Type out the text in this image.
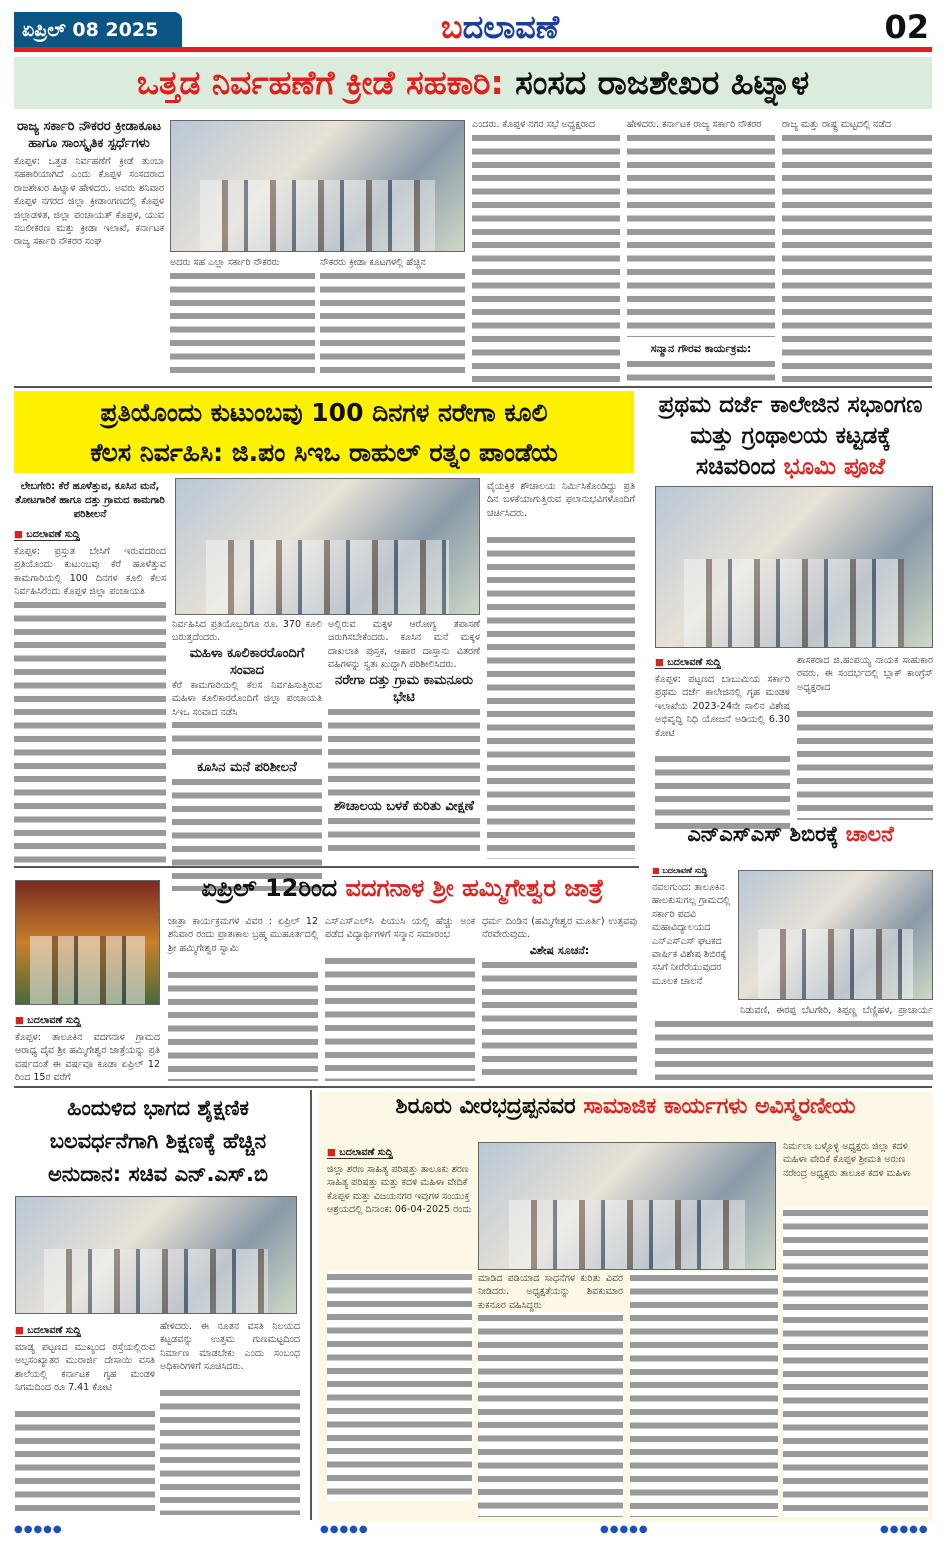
ಏಪ್ರಿಲ್ 08 2025	ಬದಲಾವಣೆ	02
ಒತ್ತಡ ನಿರ್ವಹಣೆಗೆ ಕ್ರೀಡೆ ಸಹಕಾರಿ: ಸಂಸದ ರಾಜಶೇಖರ ಹಿಟ್ನಾಳ
ರಾಜ್ಯ ಸರ್ಕಾರಿ ನೌಕರರ ಕ್ರೀಡಾಕೂಟ ಹಾಗೂ ಸಾಂಸ್ಕೃತಿಕ ಸ್ಪರ್ಧೆಗಳು
ಕೊಪ್ಪಳ: ಒತ್ತಡ ನಿರ್ವಹಣೆಗೆ ಕ್ರೀಡೆ ತುಂಬಾ ಸಹಕಾರಿಯಾಗಿದೆ ಎಂದು ಕೊಪ್ಪಳ ಸಂಸದರಾದ ರಾಜಶೇಖರ ಹಿಟ್ನಾಳ ಹೇಳಿದರು. ಅವರು ಶನಿವಾರ ಕೊಪ್ಪಳ ನಗರದ ಜಿಲ್ಲಾ ಕ್ರೀಡಾಂಗಣದಲ್ಲಿ ಕೊಪ್ಪಳ ಜಿಲ್ಲಾಡಳಿತ, ಜಿಲ್ಲಾ ಪಂಚಾಯತ್ ಕೊಪ್ಪಳ, ಯುವ ಸಬಲೀಕರಣ ಮತ್ತು ಕ್ರೀಡಾ ಇಲಾಖೆ, ಕರ್ನಾಟಕ ರಾಜ್ಯ ಸರ್ಕಾರಿ ನೌಕರರ ಸಂಘ
ಅದರು ಸಹ ಎಲ್ಲಾ ಸರ್ಕಾರಿ ನೌಕರರು	ನೌಕರರು ಕ್ರೀಡಾ ಕೂಟಗಳಲ್ಲಿ ಹೆಚ್ಚಿನ
ಎಂದರು. ಕೊಪ್ಪಳ ನಗರ ಸಭೆ ಅಧ್ಯಕ್ಷರಾದ	ಹೇಳಿದರು. ಕರ್ನಾಟಕ ರಾಜ್ಯ ಸರ್ಕಾರಿ ನೌಕರರ
ಸನ್ಮಾನ ಗೌರವ ಕಾರ್ಯಕ್ರಮ:
ರಾಜ್ಯ ಮತ್ತು ರಾಷ್ಟ್ರ ಮಟ್ಟದಲ್ಲಿ ನಡೆದ
ಪ್ರತಿಯೊಂದು ಕುಟುಂಬವು 100 ದಿನಗಳ ನರೇಗಾ ಕೂಲಿ
ಕೆಲಸ ನಿರ್ವಹಿಸಿ: ಜಿ.ಪಂ ಸಿಇಒ ರಾಹುಲ್ ರತ್ನಂ ಪಾಂಡೆಯ
ಲೇಬಗೇರಿ: ಕೆರೆ ಹೂಳೆತ್ತುವ, ಕೂಸಿನ ಮನೆ, ತೋಟಗಾರಿಕೆ ಹಾಗೂ ದತ್ತು ಗ್ರಾಮದ ಕಾಮಗಾರಿ ಪರಿಶೀಲನೆ
■ ಬದಲಾವಣೆ ಸುದ್ದಿ
ಕೊಪ್ಪಳ: ಪ್ರಸ್ತುತ ಬೇಸಿಗೆ ಇರುವದರಿಂದ ಪ್ರತಿಯೊಂದು ಕುಟುಂಬವು ಕೆರೆ ಹೂಳೆತ್ತುವ ಕಾಮಗಾರಿಯಲ್ಲಿ 100 ದಿನಗಳ ಕೂಲಿ ಕೆಲಸ ನಿರ್ವಹಿಸಿರೆಂದು ಕೊಪ್ಪಳ ಜಿಲ್ಲಾ ಪಂಚಾಯತಿ
ನಿರ್ವಹಿಸಿದ ಪ್ರತಿಯೊಬ್ಬರಿಗೂ ರೂ. 370 ಕೂಲಿ ಬರುತ್ತದೆಂದರು.
ಮಹಿಳಾ ಕೂಲಿಕಾರರೊಂದಿಗೆ ಸಂವಾದ
ಕೆರೆ ಕಾಮಗಾರಿಯಲ್ಲಿ ಕೆಲಸ ನಿರ್ವಹಿಸುತ್ತಿರುವ ಮಹಿಳಾ ಕೂಲಿಕಾರರೊಂದಿಗೆ ಜಿಲ್ಲಾ ಪಂಚಾಯತಿ ಸಿಇಒ ಸಂವಾದ ನಡೆಸಿ
ಕೂಸಿನ ಮನೆ ಪರಿಶೀಲನೆ
ಅಲ್ಲಿರುವ ಮಕ್ಕಳ ಆರೋಗ್ಯ ತಪಾಸಣೆ ಜರುಗಿಸಬೇಕೆಂದರು. ಕೂಸಿನ ಮನೆ ಮಕ್ಕಳ ದಾಖಲಾತಿ ಪುಸ್ತಕ, ಆಹಾರ ದಾಸ್ತಾನು ವಿತರಣೆ ವಹಿಗಳನ್ನು ಸ್ವತಃ ಖುದ್ದಾಗಿ ಪರಿಶೀಲಿಸಿದರು.
ನರೇಗಾ ದತ್ತು ಗ್ರಾಮ ಕಾಮನೂರು ಭೇಟಿ
ಶೌಚಾಲಯ ಬಳಕೆ ಕುರಿತು ವೀಕ್ಷಣೆ
ವೈಯಕ್ತಿಕ ಶೌಚಾಲಯ ನಿರ್ಮಿಸಿಕೊಂಡಿದ್ದು ಪ್ರತಿ ದಿನ ಬಳಕೆಯಾಗುತ್ತಿರುವ ಫಲಾನುಭವಿಗಳೊಂದಿಗೆ ಚರ್ಚಿಸಿದರು.
ಪ್ರಥಮ ದರ್ಜೆ ಕಾಲೇಜಿನ ಸಭಾಂಗಣ
ಮತ್ತು ಗ್ರಂಥಾಲಯ ಕಟ್ಟಡಕ್ಕೆ
ಸಚಿವರಿಂದ ಭೂಮಿ ಪೂಜೆ
■ ಬದಲಾವಣೆ ಸುದ್ದಿ
ಕೊಪ್ಪಳ: ಪಟ್ಟಣದ ಬಾಬುಮಿಯ ಸರ್ಕಾರಿ ಪ್ರಥಮ ದರ್ಜೆ ಕಾಲೇಜಿನಲ್ಲಿ ಗೃಹ ಮಂಡಳಿ ಇಲಾಖೆಯ 2023-24ನೇ ಸಾಲಿನ ವಿಶೇಷ ಅಭಿವೃದ್ಧಿ ನಿಧಿ ಯೋಜನೆ ಅಡಿಯಲ್ಲಿ 6.30 ಕೋಟಿ
ಶಾಸಕರಾದ ಜಿ.ಹಂಪಯ್ಯ ನಾಯಕ ಸಾಹುಕಾರ ರವರು. ಈ ಸಂದರ್ಭದಲ್ಲಿ ಬ್ಲಾಕ್ ಕಾಂಗ್ರೆಸ್ ಅಧ್ಯಕ್ಷರಾದ
ಎನ್‌ಎಸ್‌ಎಸ್ ಶಿಬಿರಕ್ಕೆ ಚಾಲನೆ
■ ಬದಲಾವಣೆ ಸುದ್ದಿ
ನವಲಗುಂದ: ತಾಲೂಕಿನ ಹಾಲಕುಸುಗಲ್ಲ ಗ್ರಾಮದಲ್ಲಿ ಸರ್ಕಾರಿ ಪದವಿ ಮಹಾವಿದ್ಯಾಲಯದ ಎನ್‌ಎಸ್‌ಎಸ್ ಘಟಕದ ವಾರ್ಷಿಕ ವಿಶೇಷ ಶಿಬಿರಕ್ಕೆ ಸಸಿಗೆ ನೀರೆರೆಯುವುದರ ಮೂಲಕ ಚಾಲನೆ
ನಿಡುವಣಿ, ಈರಪ್ಪ ಬೆಟಗೇರಿ, ತಿಪ್ಪಣ್ಣ ಬೆಣ್ಣಿಹಳ, ಪ್ರಾಚಾರ್ಯ
ಏಪ್ರಿಲ್ 12ರಿಂದ ವದಗನಾಳ ಶ್ರೀ ಹಮ್ಮಿಗೇಶ್ವರ ಜಾತ್ರೆ
■ ಬದಲಾವಣೆ ಸುದ್ದಿ
ಕೊಪ್ಪಳ: ತಾಲೂಕಿನ ವದಗನಾಳ ಗ್ರಾಮದ ಆರಾಧ್ಯ ದೈವ ಶ್ರೀ ಹಮ್ಮಿಗೇಶ್ವರ ಜಾತ್ರೆಯನ್ನು ಪ್ರತಿ ವರ್ಷದಂತೆ ಈ ವರ್ಷವೂ ಕೂಡಾ ಏಪ್ರಿಲ್ 12 ರಿಂದ 15ರ ವರೆಗೆ
ಜಾತ್ರಾ ಕಾರ್ಯಕ್ರಮಗಳ ವಿವರ : ಏಪ್ರಿಲ್ 12 ಶನಿವಾರ ರಂದು ಪ್ರಾತಃಕಾಲ ಬ್ರಹ್ಮ ಮುಹೂರ್ತದಲ್ಲಿ ಶ್ರೀ ಹಮ್ಮಿಗೇಶ್ವರ ಸ್ವಾಮಿ
ಎಸ್‌ಎಸ್‌ಎಲ್‌ಸಿ ಪಿಯುಸಿ ಯಲ್ಲಿ ಹೆಚ್ಚು ಅಂಕ ಪಡೆದ ವಿದ್ಯಾರ್ಥಿಗಳಿಗೆ ಸನ್ಮಾನ ಸಮಾರಂಭ
ಧರ್ಮ ದಿಂಡಿನ (ಹಮ್ಮಿಗೇಶ್ವರ ಮೂರ್ತಿ) ಉತ್ಸವವು ನೆರವೇರುವುದು.
ವಿಶೇಷ ಸೂಚನೆ:
ಹಿಂದುಳಿದ ಭಾಗದ ಶೈಕ್ಷಣಿಕ
ಬಲವರ್ಧನೆಗಾಗಿ ಶಿಕ್ಷಣಕ್ಕೆ ಹೆಚ್ಚಿನ
ಅನುದಾನ: ಸಚಿವ ಎನ್.ಎಸ್.ಬಿ
■ ಬದಲಾವಣೆ ಸುದ್ದಿ
ಮಾಡ್ಯ ಪಟ್ಟಣದ ಮುಖ್ಯಂದ ರಸ್ತೆಯಲ್ಲಿರುವ ಅಲ್ಪಸಂಖ್ಯಾತರ ಮುರಾರ್ಜಿ ದೇಸಾಯಿ ವಸತಿ ಶಾಲೆಯಲ್ಲಿ ಕರ್ನಾಟಕ ಗೃಹ ಮಂಡಳಿ ನಿಗಮದಿಂದ ರೂ 7.41 ಕೋಟಿ
ಹೇಳಿದರು. ಈ ನೂತನ ವಸತಿ ನಿಲಯದ ಕಟ್ಟಡವನ್ನು ಉತ್ತಮ ಗುಣಮಟ್ಟದಿಂದ ನಿರ್ಮಾಣ ಮಾಡಬೇಕು ಎಂದು ಸಂಬಂಧ ಅಧಿಕಾರಿಗಳಿಗೆ ಸೂಚಿಸಿದರು.
ಶಿರೂರು ವೀರಭದ್ರಪ್ಪನವರ ಸಾಮಾಜಿಕ ಕಾರ್ಯಗಳು ಅವಿಸ್ಮರಣೀಯ
■ ಬದಲಾವಣೆ ಸುದ್ದಿ
ಜಿಲ್ಲಾ ಶರಣ ಸಾಹಿತ್ಯ ಪರಿಷತ್ತು ತಾಲೂಕು ಶರಣ ಸಾಹಿತ್ಯ ಪರಿಷತ್ತು ಮತ್ತು ಕದಳಿ ಮಹಿಳಾ ವೇದಿಕೆ ಕೊಪ್ಪಳ ಮತ್ತು ವಿಜಯನಗರ ಇವುಗಳ ಸಂಯುಕ್ತ ಆಶ್ರಯದಲ್ಲಿ ದಿನಾಂಕ: 06-04-2025 ರಂದು
ಮಾಡಿದ ಪಡಿಯಾದ ಸಾಧನೆಗಳ ಕುರಿತು ವಿವರ ನೀಡಿದರು. ಅಧ್ಯಕ್ಷತೆಯನ್ನು ಶಿವಕುಮಾರ ಕುಕನೂರ ವಹಿಸಿದ್ದರು
ನಿರ್ಮಲಾ ಬಳ್ಳೊಳ್ಳಿ ಅಧ್ಯಕ್ಷರು ಜಿಲ್ಲಾ ಕದಳಿ ಮಹಿಳಾ ವೇದಿಕೆ ಕೊಪ್ಪಳ ಶ್ರೀಮತಿ ಅರುಣ ನರೇಂದ್ರ ಅಧ್ಯಕ್ಷರು ತಾಲೂಕ ಕದಳಿ ಮಹಿಳಾ
●●●●●	●●●●●	●●●●●	●●●●●
